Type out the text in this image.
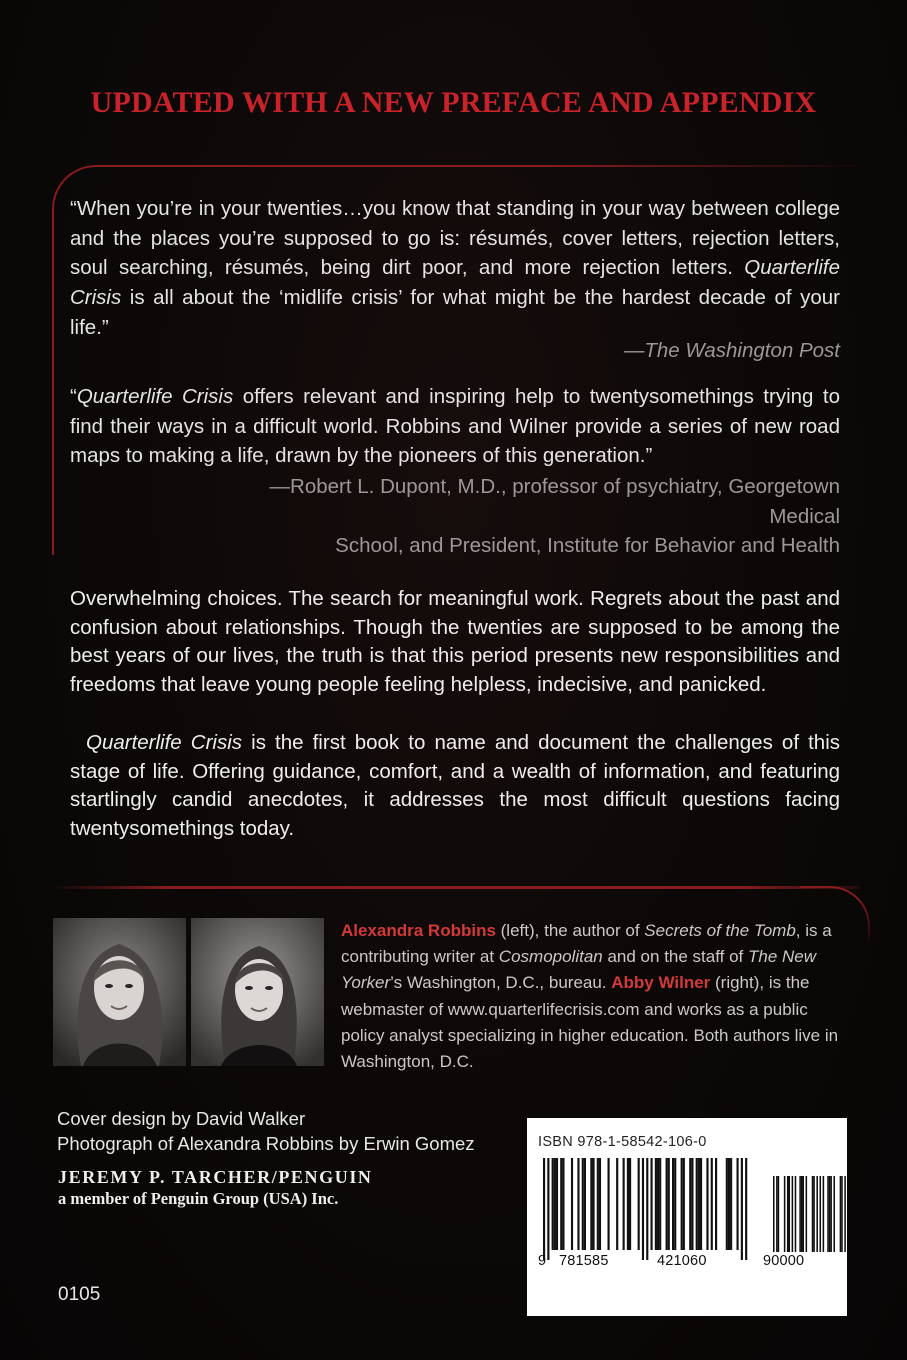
UPDATED WITH A NEW PREFACE AND APPENDIX

“When you’re in your twenties…you know that standing in your way between college and the places you’re supposed to go is: résumés, cover letters, rejection letters, soul searching, résumés, being dirt poor, and more rejection letters. Quarterlife Crisis is all about the ‘midlife crisis’ for what might be the hardest decade of your life.”

—The Washington Post

“Quarterlife Crisis offers relevant and inspiring help to twentysomethings trying to find their ways in a difficult world. Robbins and Wilner provide a series of new road maps to making a life, drawn by the pioneers of this generation.”

—Robert L. Dupont, M.D., professor of psychiatry, Georgetown Medical
School, and President, Institute for Behavior and Health

Overwhelming choices. The search for meaningful work. Regrets about the past and confusion about relationships. Though the twenties are supposed to be among the best years of our lives, the truth is that this period presents new responsibilities and freedoms that leave young people feeling helpless, indecisive, and panicked.

Quarterlife Crisis is the first book to name and document the challenges of this stage of life. Offering guidance, comfort, and a wealth of information, and featuring startlingly candid anecdotes, it addresses the most difficult questions facing twentysomethings today.

Alexandra Robbins (left), the author of Secrets of the Tomb, is a contributing writer at Cosmopolitan and on the staff of The New Yorker’s Washington, D.C., bureau. Abby Wilner (right), is the webmaster of www.quarterlifecrisis.com and works as a public policy analyst specializing in higher education. Both authors live in Washington, D.C.

Cover design by David Walker
Photograph of Alexandra Robbins by Erwin Gomez

JEREMY P. TARCHER/PENGUIN
a member of Penguin Group (USA) Inc.
0105
ISBN 978-1-58542-106-0
9 781585	421060	90000
